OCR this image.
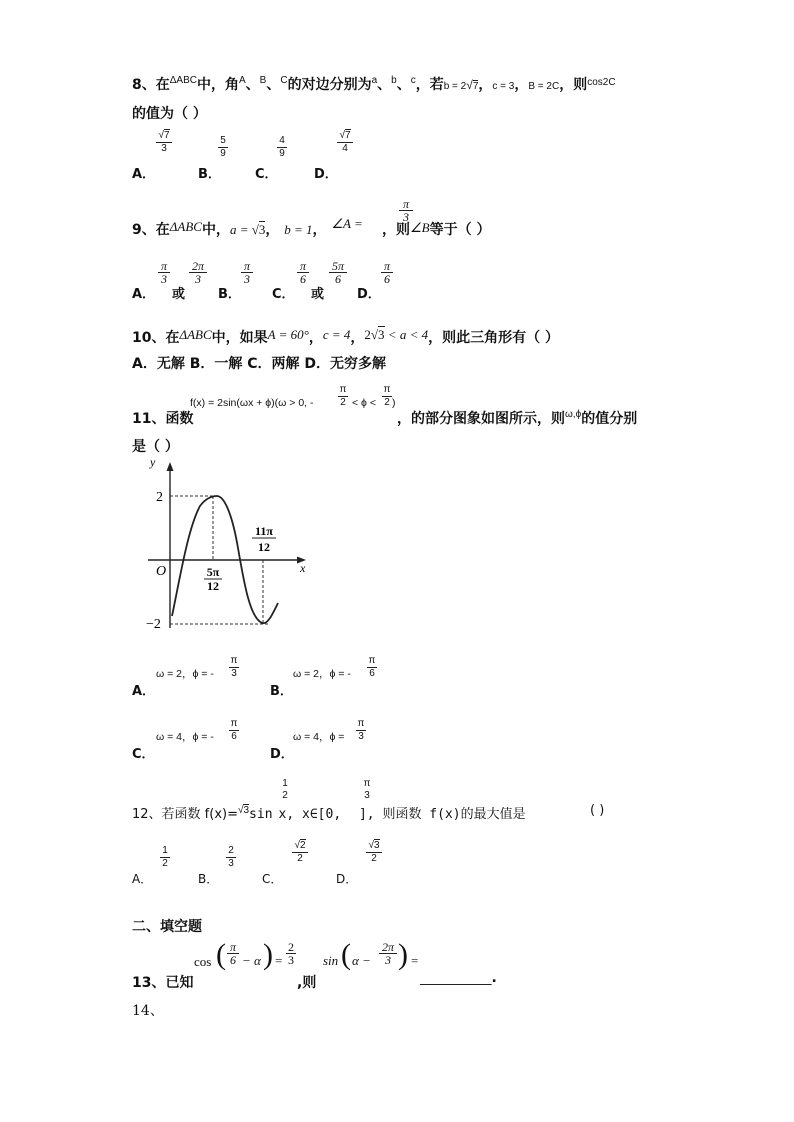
8、在$^{\Delta ABC}$中，角$^A$、$^B$、$^C$的对边分别为$^a$、$^b$、$^c$，若b = 2√7，c = 3，B = 2C，则$^{cos2C}$
的值为（ ）
A．
$\frac{√7}{3}$
B．
$\frac{5}{9}$
C．
$\frac{4}{9}$
D．
$\frac{√7}{4}$
9、在ΔABC中，a = √3， b = 1， ∠A = ，则∠B等于（ ）
$\frac{\pi}{3}$
A．
$\frac{\pi}{3}$
或
$\frac{2\pi}{3}$
B．
$\frac{\pi}{3}$
C．
$\frac{\pi}{6}$
或
$\frac{5\pi}{6}$
D．
$\frac{\pi}{6}$
10、在ΔABC中，如果A = 60°，c = 4，2√3 < a < 4，则此三角形有（ ）
A．无解 B．一解 C．两解 D．无穷多解
f(x) = 2sin(ωx + ϕ)(ω > 0, - $\frac{\pi}{2} < \phi < \frac{\pi}{2}$ )
11、函数	，的部分图象如图所示，则$^{\omega,\phi}$的值分别
是（ ）
y
x
O
2
−2
5π
12
11π
12
A．
ω = 2，ϕ = - $\frac{\pi}{3}$
B．
ω = 2，ϕ = - $\frac{\pi}{6}$
C．
ω = 4，ϕ = - $\frac{\pi}{6}$
D．
ω = 4，$\phi = \frac{\pi}{3}$
12、若函数 f(x)=$^{√3}$sin x, x∈[0, ], 则函数 f(x)的最大值是
1
2
π
3
( )
A．
$\frac{1}{2}$
B．
$\frac{2}{3}$
C．
$\frac{√2}{2}$
D．
$\frac{√3}{2}$
二、填空题
13、已知
cos ( $\frac{\pi}{6} - \alpha$ ) = $\frac{2}{3}$
,则
sin ( $\alpha - \frac{2\pi}{3}$ ) =
___________.
14、
